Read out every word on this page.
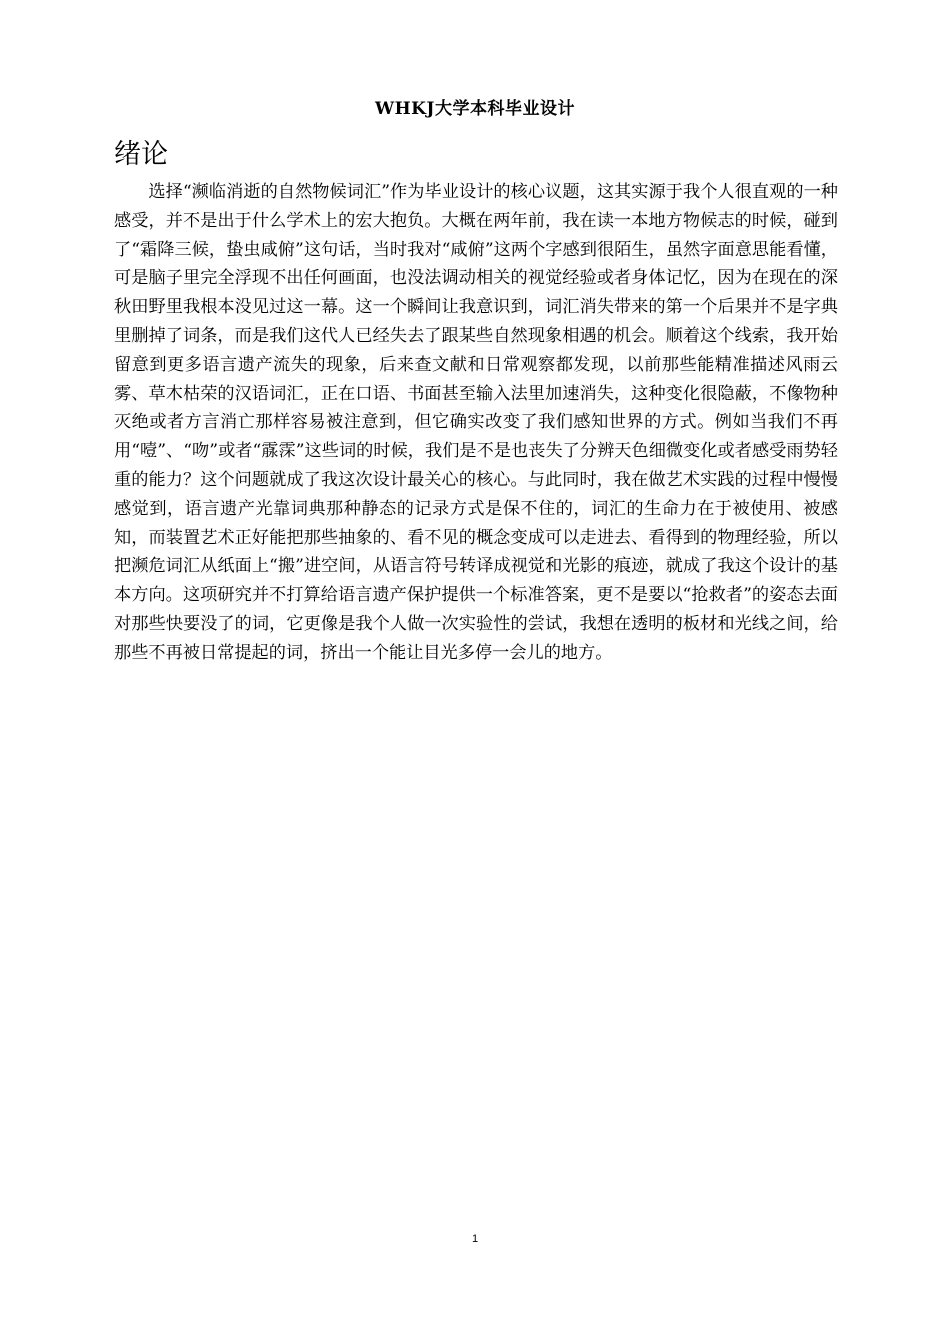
WHKJ大学本科毕业设计
绪论

选择“濒临消逝的自然物候词汇”作为毕业设计的核心议题，这其实源于我个人很直观的一种感受，并不是出于什么学术上的宏大抱负。大概在两年前，我在读一本地方物候志的时候，碰到了“霜降三候，蛰虫咸俯”这句话，当时我对“咸俯”这两个字感到很陌生，虽然字面意思能看懂，可是脑子里完全浮现不出任何画面，也没法调动相关的视觉经验或者身体记忆，因为在现在的深秋田野里我根本没见过这一幕。这一个瞬间让我意识到，词汇消失带来的第一个后果并不是字典里删掉了词条，而是我们这代人已经失去了跟某些自然现象相遇的机会。顺着这个线索，我开始留意到更多语言遗产流失的现象，后来查文献和日常观察都发现，以前那些能精准描述风雨云雾、草木枯荣的汉语词汇，正在口语、书面甚至输入法里加速消失，这种变化很隐蔽，不像物种灭绝或者方言消亡那样容易被注意到，但它确实改变了我们感知世界的方式。例如当我们不再用“噎”、“吻”或者“霡霂”这些词的时候，我们是不是也丧失了分辨天色细微变化或者感受雨势轻重的能力？这个问题就成了我这次设计最关心的核心。与此同时，我在做艺术实践的过程中慢慢感觉到，语言遗产光靠词典那种静态的记录方式是保不住的，词汇的生命力在于被使用、被感知，而装置艺术正好能把那些抽象的、看不见的概念变成可以走进去、看得到的物理经验，所以把濒危词汇从纸面上“搬”进空间，从语言符号转译成视觉和光影的痕迹，就成了我这个设计的基本方向。这项研究并不打算给语言遗产保护提供一个标准答案，更不是要以“抢救者”的姿态去面对那些快要没了的词，它更像是我个人做一次实验性的尝试，我想在透明的板材和光线之间，给那些不再被日常提起的词，挤出一个能让目光多停一会儿的地方。

1
